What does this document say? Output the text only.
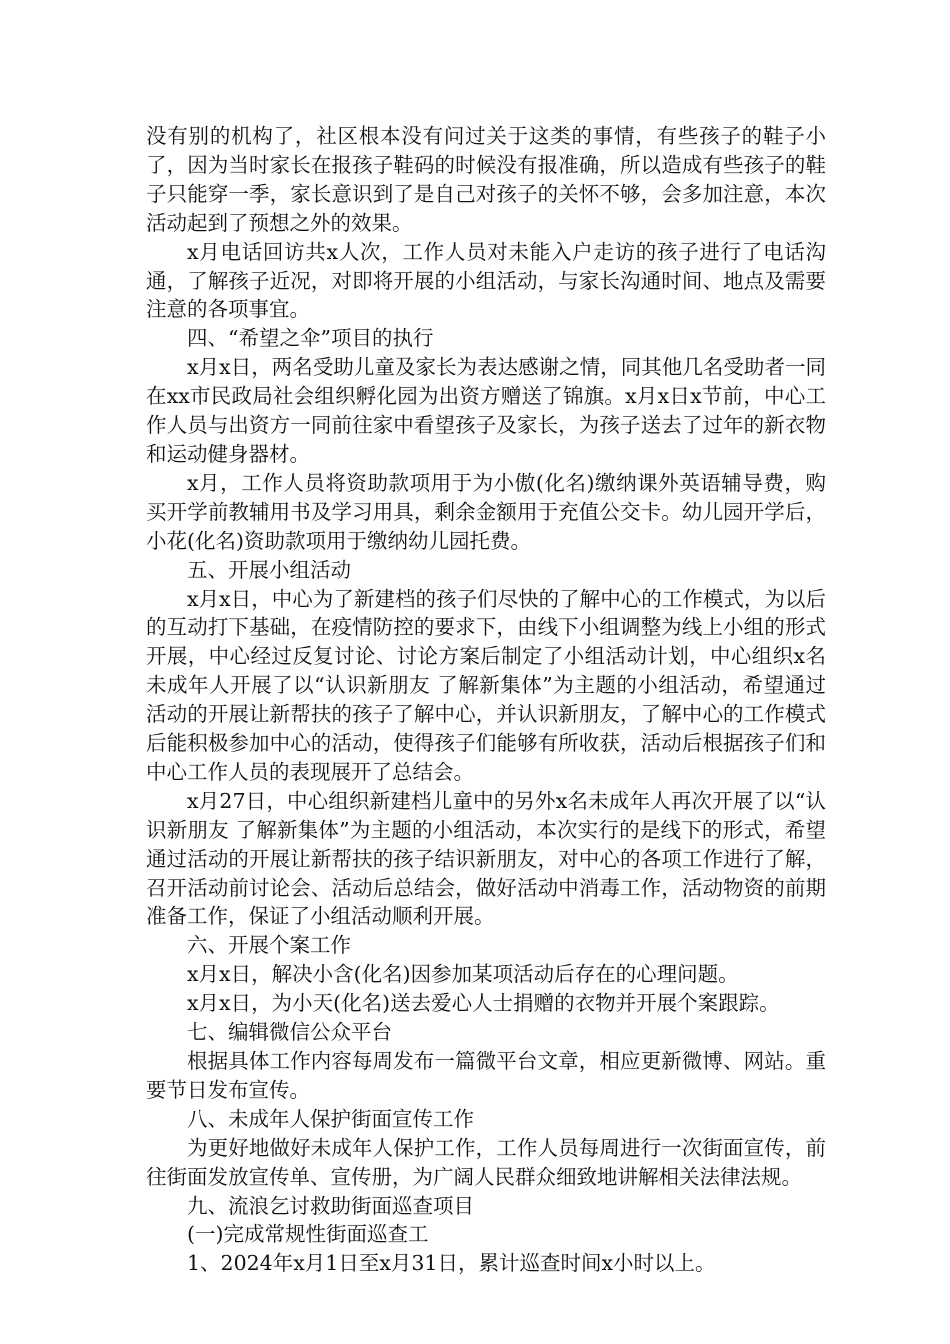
没有别的机构了，社区根本没有问过关于这类的事情，有些孩子的鞋子小了，因为当时家长在报孩子鞋码的时候没有报准确，所以造成有些孩子的鞋子只能穿一季，家长意识到了是自己对孩子的关怀不够，会多加注意，本次活动起到了预想之外的效果。

x月电话回访共x人次，工作人员对未能入户走访的孩子进行了电话沟通，了解孩子近况，对即将开展的小组活动，与家长沟通时间、地点及需要注意的各项事宜。

四、“希望之伞”项目的执行

x月x日，两名受助儿童及家长为表达感谢之情，同其他几名受助者一同在xx市民政局社会组织孵化园为出资方赠送了锦旗。x月x日x节前，中心工作人员与出资方一同前往家中看望孩子及家长，为孩子送去了过年的新衣物和运动健身器材。

x月，工作人员将资助款项用于为小傲(化名)缴纳课外英语辅导费，购买开学前教辅用书及学习用具，剩余金额用于充值公交卡。幼儿园开学后，小花(化名)资助款项用于缴纳幼儿园托费。

五、开展小组活动

x月x日，中心为了新建档的孩子们尽快的了解中心的工作模式，为以后的互动打下基础，在疫情防控的要求下，由线下小组调整为线上小组的形式开展，中心经过反复讨论、讨论方案后制定了小组活动计划，中心组织x名未成年人开展了以“认识新朋友 了解新集体”为主题的小组活动，希望通过活动的开展让新帮扶的孩子了解中心，并认识新朋友，了解中心的工作模式后能积极参加中心的活动，使得孩子们能够有所收获，活动后根据孩子们和中心工作人员的表现展开了总结会。

x月27日，中心组织新建档儿童中的另外x名未成年人再次开展了以“认识新朋友 了解新集体”为主题的小组活动，本次实行的是线下的形式，希望通过活动的开展让新帮扶的孩子结识新朋友，对中心的各项工作进行了解，召开活动前讨论会、活动后总结会，做好活动中消毒工作，活动物资的前期准备工作，保证了小组活动顺利开展。

六、开展个案工作

x月x日，解决小含(化名)因参加某项活动后存在的心理问题。

x月x日，为小天(化名)送去爱心人士捐赠的衣物并开展个案跟踪。

七、编辑微信公众平台

根据具体工作内容每周发布一篇微平台文章，相应更新微博、网站。重要节日发布宣传。

八、未成年人保护街面宣传工作

为更好地做好未成年人保护工作，工作人员每周进行一次街面宣传，前往街面发放宣传单、宣传册，为广阔人民群众细致地讲解相关法律法规。

九、流浪乞讨救助街面巡查项目

(一)完成常规性街面巡查工

1、2024年x月1日至x月31日，累计巡查时间x小时以上。
